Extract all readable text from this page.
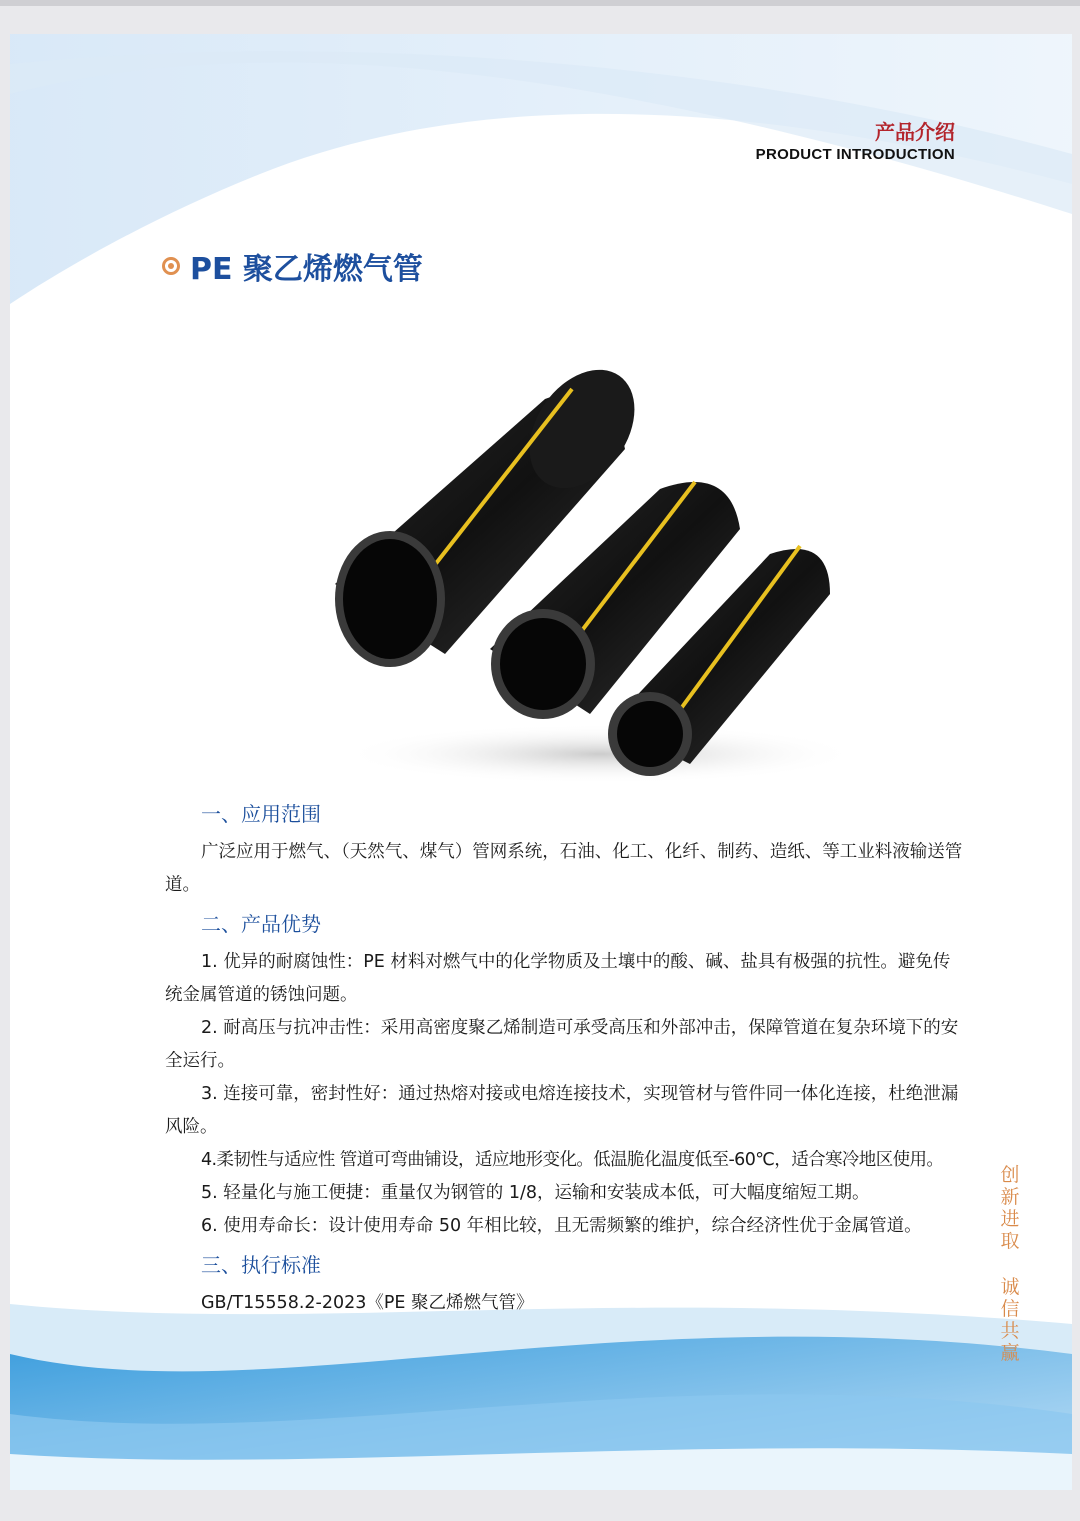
产品介绍
PRODUCT INTRODUCTION
PE 聚乙烯燃气管
一、应用范围
广泛应用于燃气、（天然气、煤气）管网系统，石油、化工、化纤、制药、造纸、等工业料液输送管道。
二、产品优势
1. 优异的耐腐蚀性：PE 材料对燃气中的化学物质及土壤中的酸、碱、盐具有极强的抗性。避免传统金属管道的锈蚀问题。
2. 耐高压与抗冲击性：采用高密度聚乙烯制造可承受高压和外部冲击，保障管道在复杂环境下的安全运行。
3. 连接可靠，密封性好：通过热熔对接或电熔连接技术，实现管材与管件同一体化连接，杜绝泄漏风险。
4.柔韧性与适应性 管道可弯曲铺设，适应地形变化。低温脆化温度低至-60℃，适合寒冷地区使用。
5. 轻量化与施工便捷：重量仅为钢管的 1/8，运输和安装成本低，可大幅度缩短工期。
6. 使用寿命长：设计使用寿命 50 年相比较，且无需频繁的维护，综合经济性优于金属管道。
三、执行标准
GB/T15558.2-2023《PE 聚乙烯燃气管》
创新进取
诚信共赢
